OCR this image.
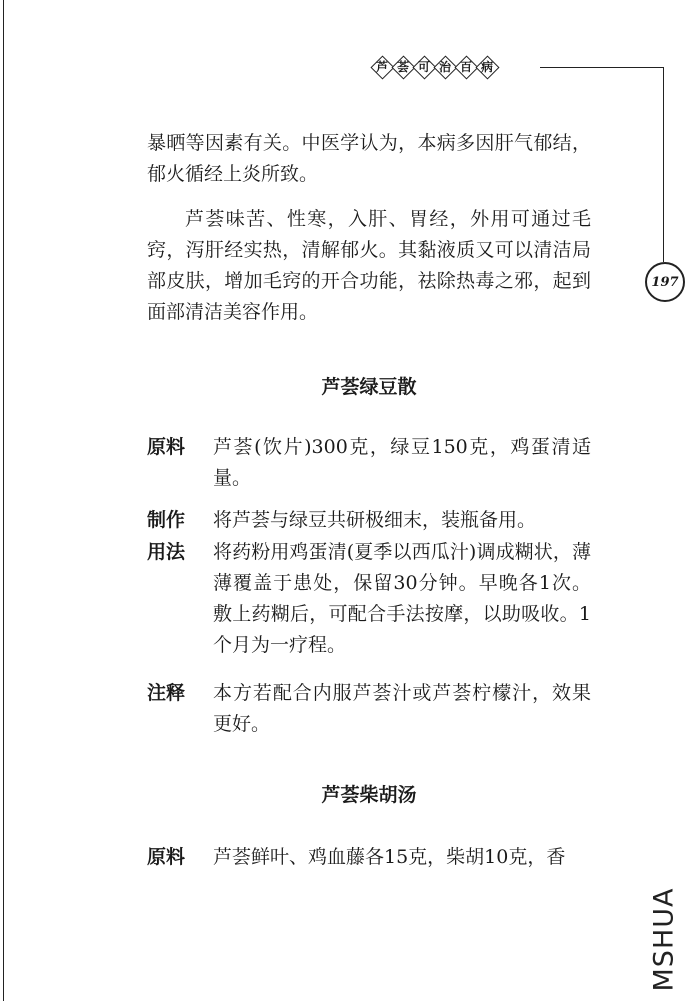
芦 荟 可 治 百 病
197

暴晒等因素有关。中医学认为，本病多因肝气郁结，郁火循经上炎所致。

芦荟味苦、性寒，入肝、胃经，外用可通过毛窍，泻肝经实热，清解郁火。其黏液质又可以清洁局部皮肤，增加毛窍的开合功能，祛除热毒之邪，起到面部清洁美容作用。

芦荟绿豆散
原料	芦荟(饮片)300克，绿豆150克，鸡蛋清适量。
制作	将芦荟与绿豆共研极细末，装瓶备用。
用法	将药粉用鸡蛋清(夏季以西瓜汁)调成糊状，薄薄覆盖于患处，保留30分钟。早晚各1次。敷上药糊后，可配合手法按摩，以助吸收。1个月为一疗程。
注释	本方若配合内服芦荟汁或芦荟柠檬汁，效果更好。
芦荟柴胡汤
原料	芦荟鲜叶、鸡血藤各15克，柴胡10克，香
MSHUA
